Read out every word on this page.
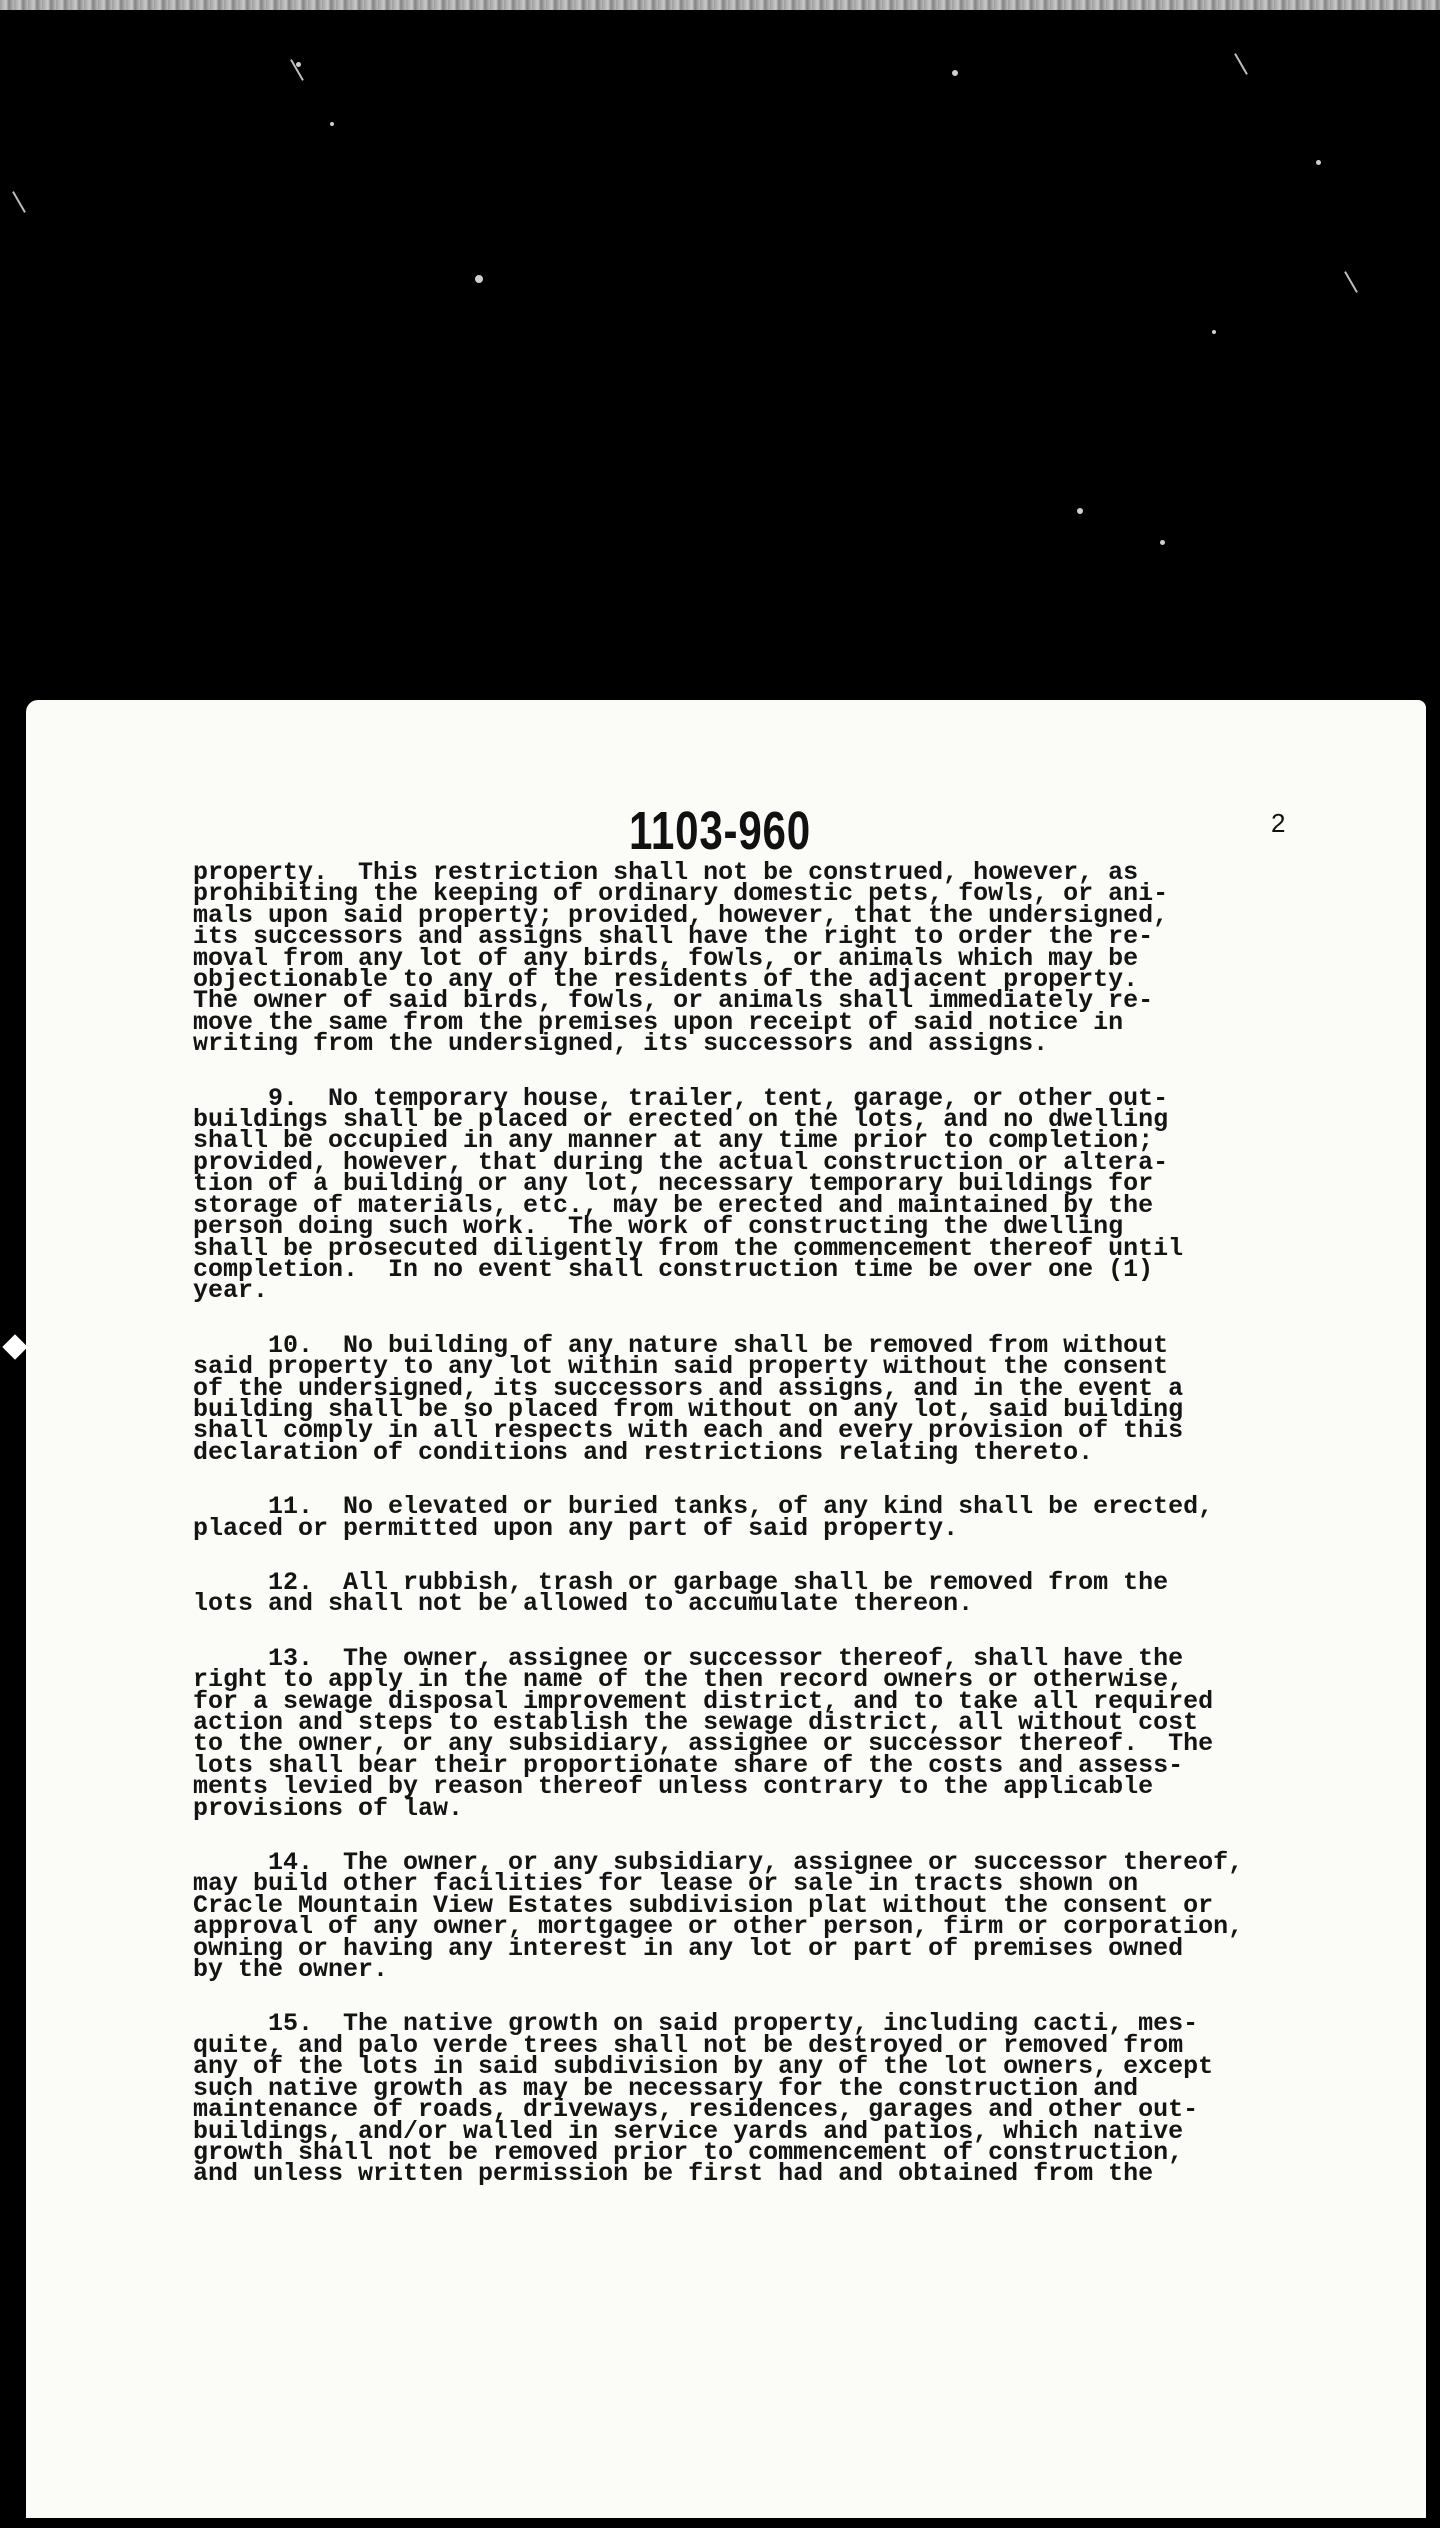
1103-960	2

property.  This restriction shall not be construed, however, as

prohibiting the keeping of ordinary domestic pets, fowls, or ani-

mals upon said property; provided, however, that the undersigned,

its successors and assigns shall have the right to order the re-

moval from any lot of any birds, fowls, or animals which may be

objectionable to any of the residents of the adjacent property.

The owner of said birds, fowls, or animals shall immediately re-

move the same from the premises upon receipt of said notice in

writing from the undersigned, its successors and assigns.

9.  No temporary house, trailer, tent, garage, or other out-

buildings shall be placed or erected on the lots, and no dwelling

shall be occupied in any manner at any time prior to completion;

provided, however, that during the actual construction or altera-

tion of a building or any lot, necessary temporary buildings for

storage of materials, etc., may be erected and maintained by the

person doing such work.  The work of constructing the dwelling

shall be prosecuted diligently from the commencement thereof until

completion.  In no event shall construction time be over one (1)

year.

10.  No building of any nature shall be removed from without

said property to any lot within said property without the consent

of the undersigned, its successors and assigns, and in the event a

building shall be so placed from without on any lot, said building

shall comply in all respects with each and every provision of this

declaration of conditions and restrictions relating thereto.

11.  No elevated or buried tanks, of any kind shall be erected,

placed or permitted upon any part of said property.

12.  All rubbish, trash or garbage shall be removed from the

lots and shall not be allowed to accumulate thereon.

13.  The owner, assignee or successor thereof, shall have the

right to apply in the name of the then record owners or otherwise,

for a sewage disposal improvement district, and to take all required

action and steps to establish the sewage district, all without cost

to the owner, or any subsidiary, assignee or successor thereof.  The

lots shall bear their proportionate share of the costs and assess-

ments levied by reason thereof unless contrary to the applicable

provisions of law.

14.  The owner, or any subsidiary, assignee or successor thereof,

may build other facilities for lease or sale in tracts shown on

Cracle Mountain View Estates subdivision plat without the consent or

approval of any owner, mortgagee or other person, firm or corporation,

owning or having any interest in any lot or part of premises owned

by the owner.

15.  The native growth on said property, including cacti, mes-

quite, and palo verde trees shall not be destroyed or removed from

any of the lots in said subdivision by any of the lot owners, except

such native growth as may be necessary for the construction and

maintenance of roads, driveways, residences, garages and other out-

buildings, and/or walled in service yards and patios, which native

growth shall not be removed prior to commencement of construction,

and unless written permission be first had and obtained from the
